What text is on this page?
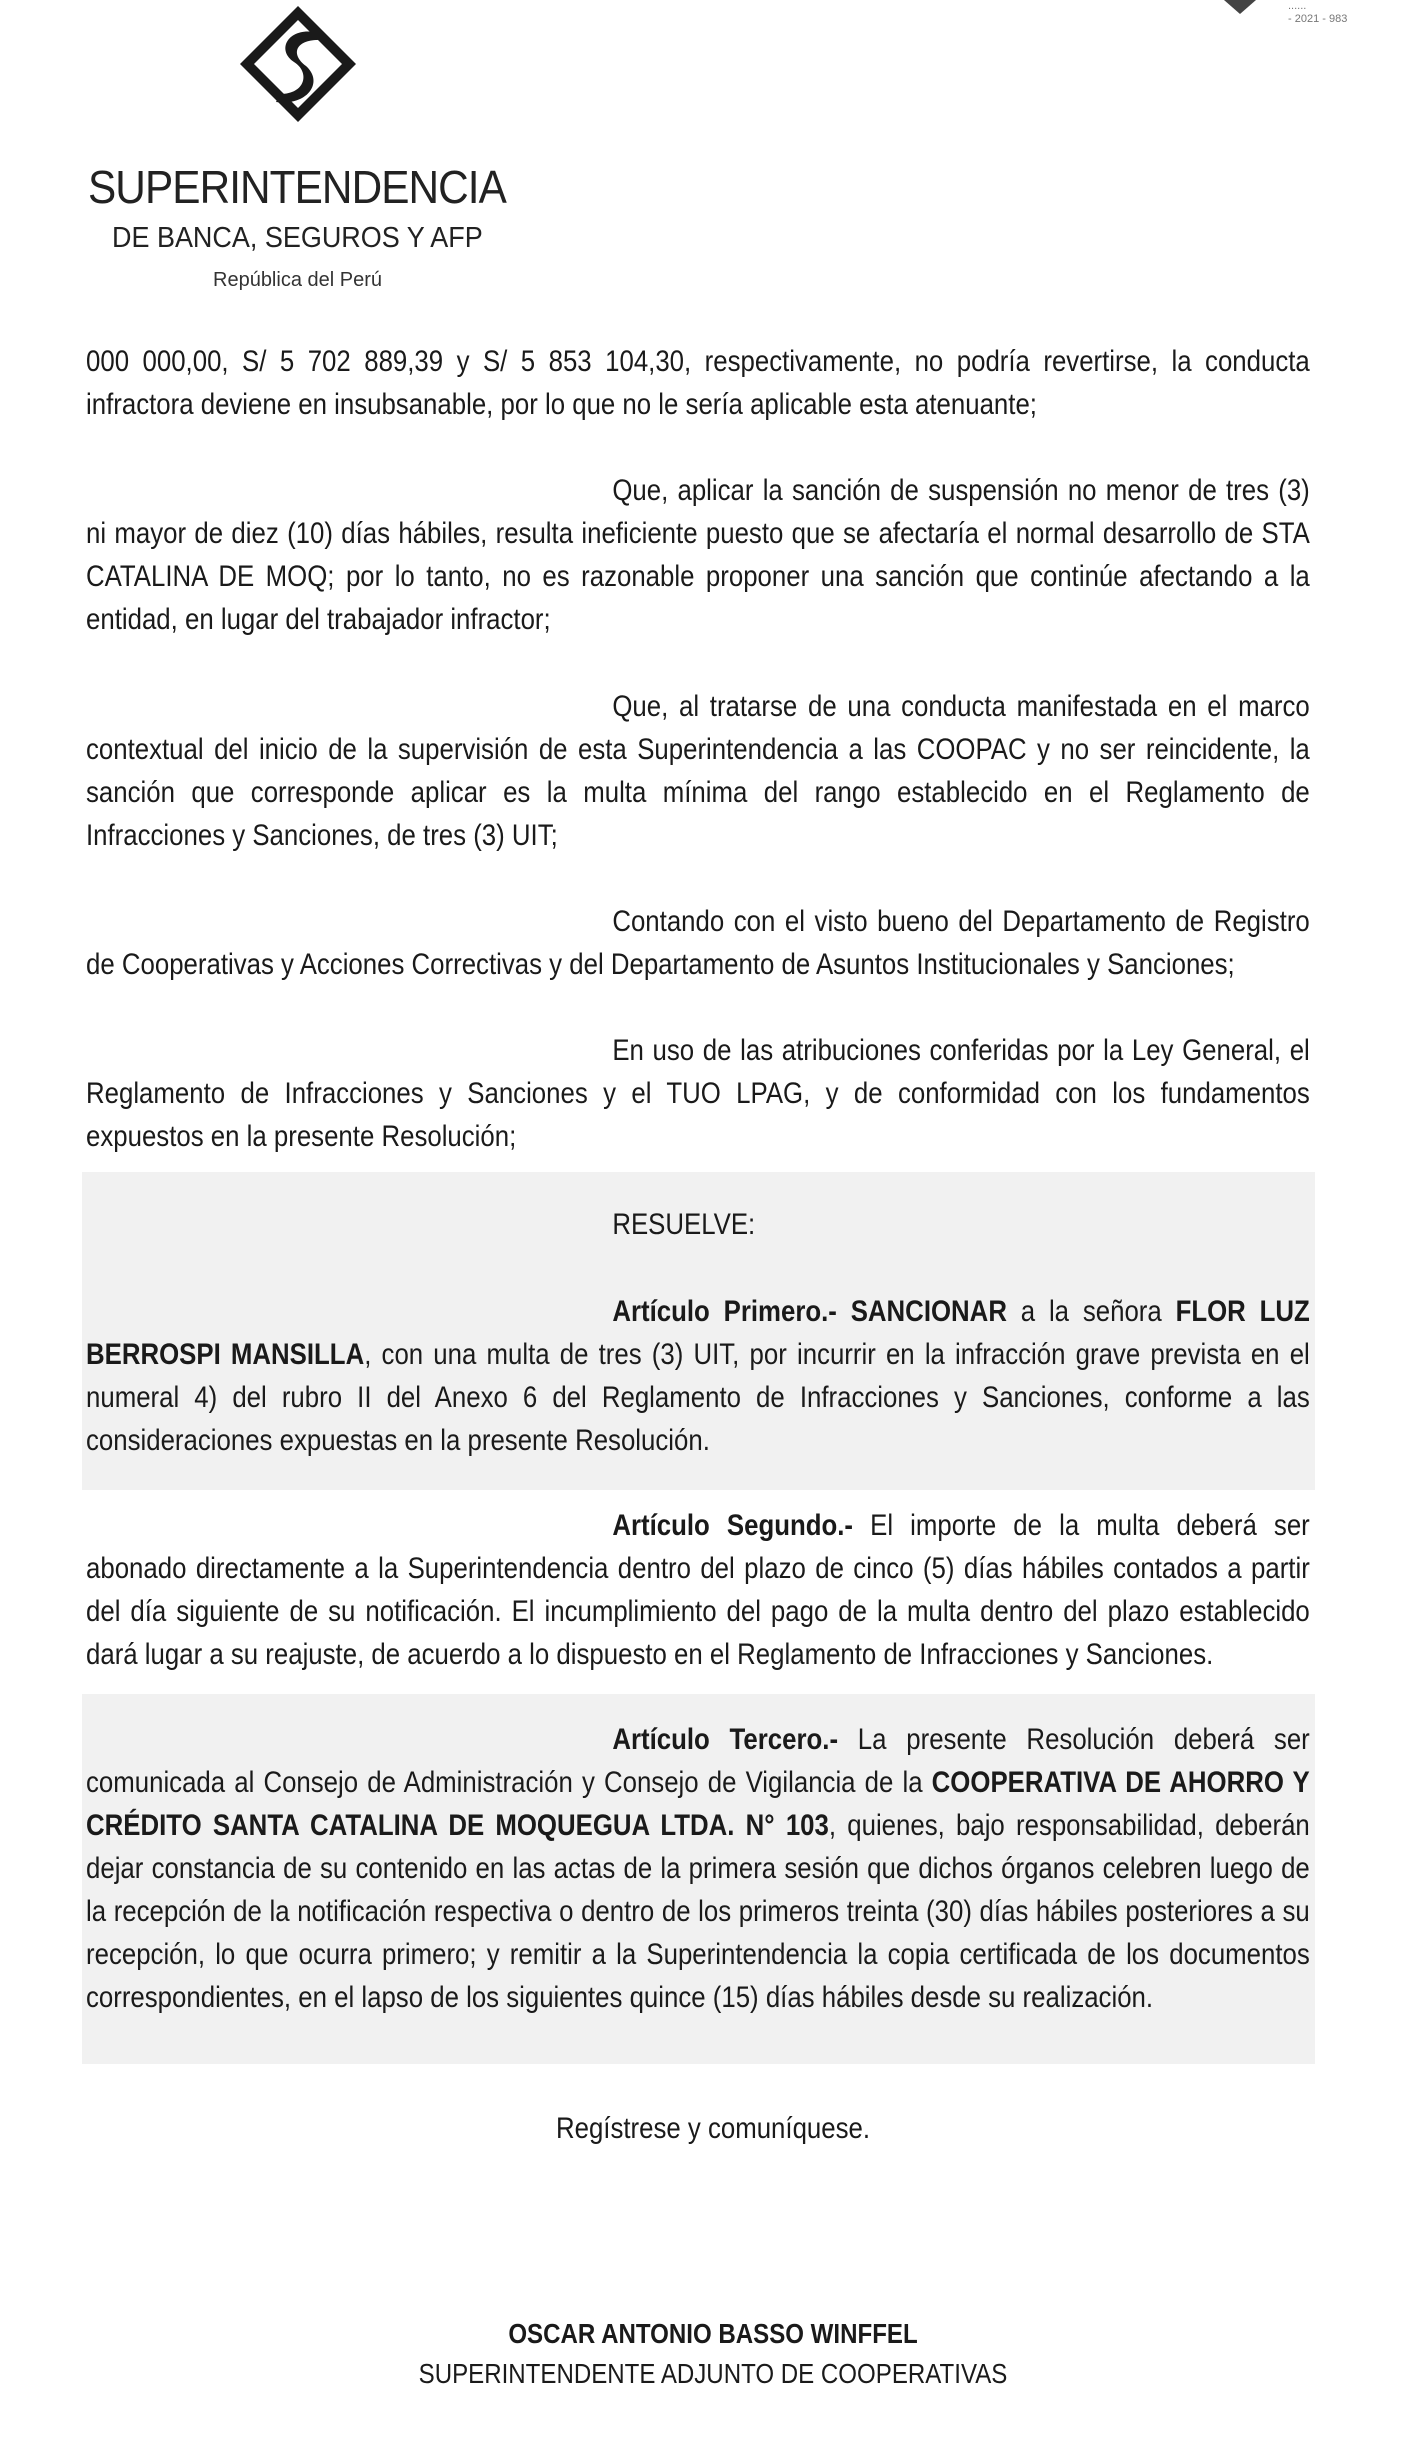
......
- 2021 - 983
SUPERINTENDENCIA
DE BANCA, SEGUROS Y AFP
República del Perú
000 000,00, S/ 5 702 889,39 y S/ 5 853 104,30, respectivamente, no podría revertirse, la conducta infractora deviene en insubsanable, por lo que no le sería aplicable esta atenuante;
Que, aplicar la sanción de suspensión no menor de tres (3) ni mayor de diez (10) días hábiles, resulta ineficiente puesto que se afectaría el normal desarrollo de STA CATALINA DE MOQ; por lo tanto, no es razonable proponer una sanción que continúe afectando a la entidad, en lugar del trabajador infractor;
Que, al tratarse de una conducta manifestada en el marco contextual del inicio de la supervisión de esta Superintendencia a las COOPAC y no ser reincidente, la sanción que corresponde aplicar es la multa mínima del rango establecido en el Reglamento de Infracciones y Sanciones, de tres (3) UIT;
Contando con el visto bueno del Departamento de Registro de Cooperativas y Acciones Correctivas y del Departamento de Asuntos Institucionales y Sanciones;
En uso de las atribuciones conferidas por la Ley General, el Reglamento de Infracciones y Sanciones y el TUO LPAG, y de conformidad con los fundamentos expuestos en la presente Resolución;
RESUELVE:
Artículo Primero.- SANCIONAR a la señora FLOR LUZ BERROSPI MANSILLA, con una multa de tres (3) UIT, por incurrir en la infracción grave prevista en el numeral 4) del rubro II del Anexo 6 del Reglamento de Infracciones y Sanciones, conforme a las consideraciones expuestas en la presente Resolución.
Artículo Segundo.- El importe de la multa deberá ser abonado directamente a la Superintendencia dentro del plazo de cinco (5) días hábiles contados a partir del día siguiente de su notificación. El incumplimiento del pago de la multa dentro del plazo establecido dará lugar a su reajuste, de acuerdo a lo dispuesto en el Reglamento de Infracciones y Sanciones.
Artículo Tercero.- La presente Resolución deberá ser comunicada al Consejo de Administración y Consejo de Vigilancia de la COOPERATIVA DE AHORRO Y CRÉDITO SANTA CATALINA DE MOQUEGUA LTDA. N° 103, quienes, bajo responsabilidad, deberán dejar constancia de su contenido en las actas de la primera sesión que dichos órganos celebren luego de la recepción de la notificación respectiva o dentro de los primeros treinta (30) días hábiles posteriores a su recepción, lo que ocurra primero; y remitir a la Superintendencia la copia certificada de los documentos correspondientes, en el lapso de los siguientes quince (15) días hábiles desde su realización.
Regístrese y comuníquese.
OSCAR ANTONIO BASSO WINFFEL
SUPERINTENDENTE ADJUNTO DE COOPERATIVAS
